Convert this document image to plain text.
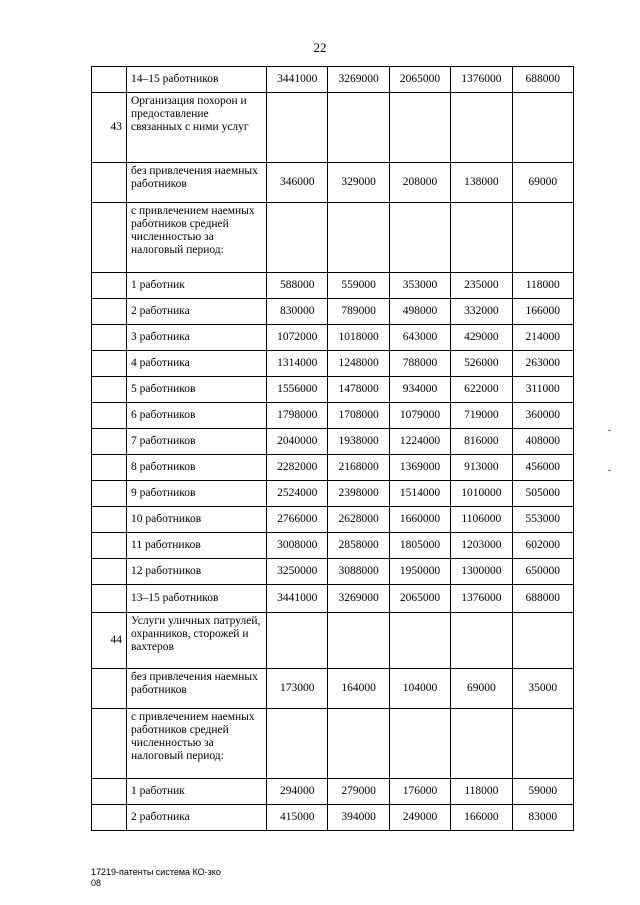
22
	14–15 работников	3441000	3269000	2065000	1376000	688000
43	Организация похорон и предоставление связанных с ними услуг					
	без привлечения наемных работников	346000	329000	208000	138000	69000
	с привлечением наемных работников средней численностью за налоговый период:					
	1 работник	588000	559000	353000	235000	118000
	2 работника	830000	789000	498000	332000	166000
	3 работника	1072000	1018000	643000	429000	214000
	4 работника	1314000	1248000	788000	526000	263000
	5 работников	1556000	1478000	934000	622000	311000
	6 работников	1798000	1708000	1079000	719000	360000
	7 работников	2040000	1938000	1224000	816000	408000
	8 работников	2282000	2168000	1369000	913000	456000
	9 работников	2524000	2398000	1514000	1010000	505000
	10 работников	2766000	2628000	1660000	1106000	553000
	11 работников	3008000	2858000	1805000	1203000	602000
	12 работников	3250000	3088000	1950000	1300000	650000
	13–15 работников	3441000	3269000	2065000	1376000	688000
44	Услуги уличных патрулей, охранников, сторожей и вахтеров					
	без привлечения наемных работников	173000	164000	104000	69000	35000
	с привлечением наемных работников средней численностью за налоговый период:					
	1 работник	294000	279000	176000	118000	59000
	2 работника	415000	394000	249000	166000	83000
17219-патенты система КО-зко
08
